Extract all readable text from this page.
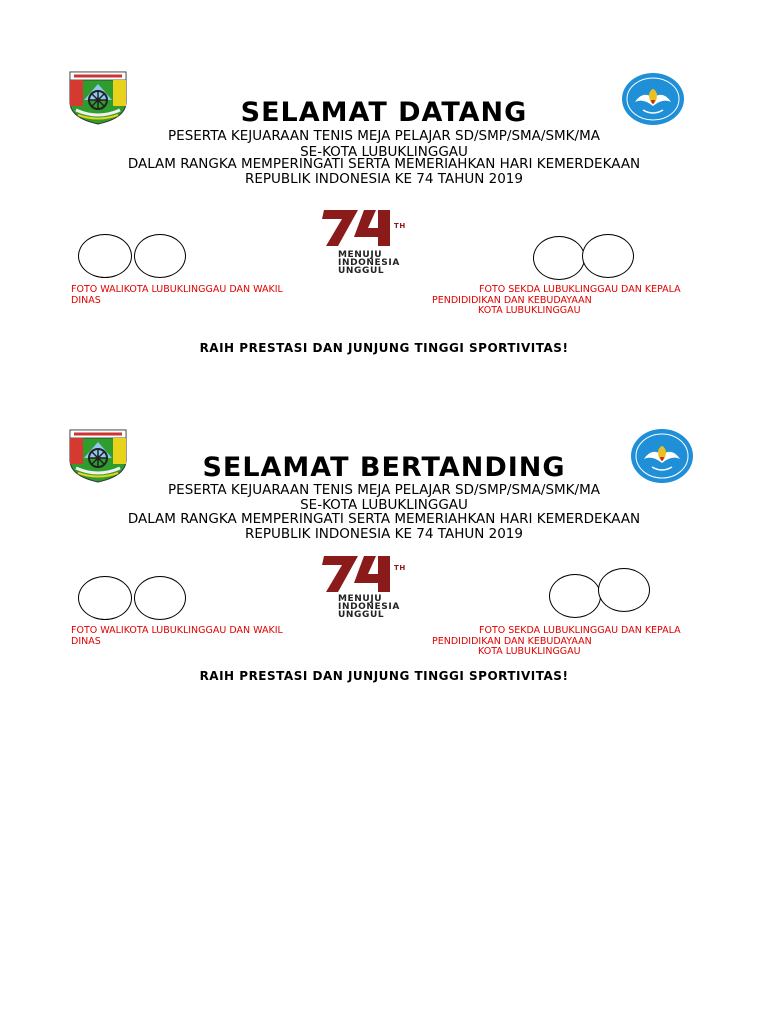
SELAMAT DATANG
PESERTA KEJUARAAN TENIS MEJA PELAJAR SD/SMP/SMA/SMK/MA
SE-KOTA LUBUKLINGGAU
DALAM RANGKA MEMPERINGATI SERTA MEMERIAHKAN HARI KEMERDEKAAN
REPUBLIK INDONESIA KE 74 TAHUN 2019
TH
MENUJU
INDONESIA
UNGGUL
FOTO WALIKOTA LUBUKLINGGAU DAN WAKIL
DINAS
FOTO SEKDA LUBUKLINGGAU DAN KEPALA
PENDIDIDIKAN DAN KEBUDAYAAN
KOTA LUBUKLINGGAU
RAIH PRESTASI DAN JUNJUNG TINGGI SPORTIVITAS!
SELAMAT BERTANDING
PESERTA KEJUARAAN TENIS MEJA PELAJAR SD/SMP/SMA/SMK/MA
SE-KOTA LUBUKLINGGAU
DALAM RANGKA MEMPERINGATI SERTA MEMERIAHKAN HARI KEMERDEKAAN
REPUBLIK INDONESIA KE 74 TAHUN 2019
TH
MENUJU
INDONESIA
UNGGUL
FOTO WALIKOTA LUBUKLINGGAU DAN WAKIL
DINAS
FOTO SEKDA LUBUKLINGGAU DAN KEPALA
PENDIDIDIKAN DAN KEBUDAYAAN
KOTA LUBUKLINGGAU
RAIH PRESTASI DAN JUNJUNG TINGGI SPORTIVITAS!
